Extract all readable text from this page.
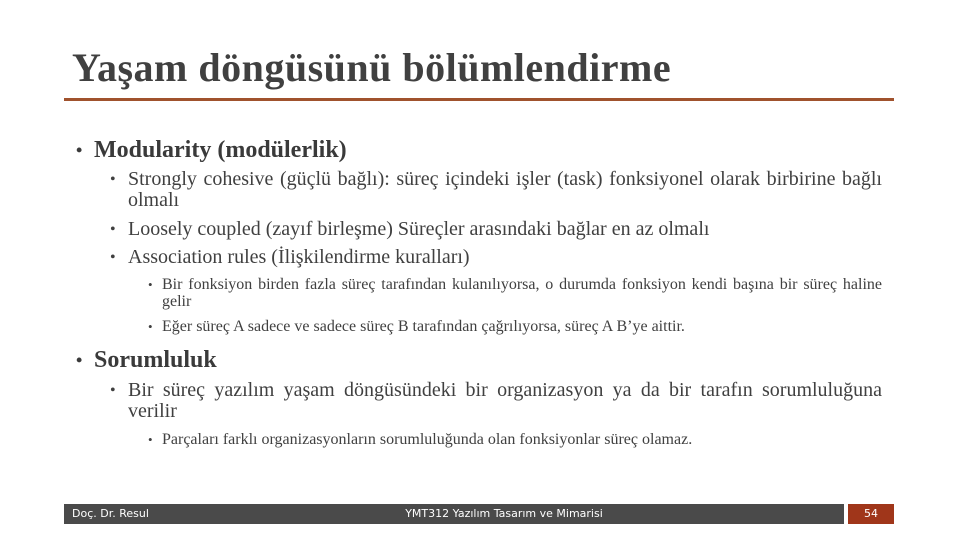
Yaşam döngüsünü bölümlendirme
• Modularity (modülerlik)
• Strongly cohesive (güçlü bağlı): süreç içindeki işler (task) fonksiyonel olarak birbirine bağlı olmalı
• Loosely coupled (zayıf birleşme) Süreçler arasındaki bağlar en az olmalı
• Association rules (İlişkilendirme kuralları)
• Bir fonksiyon birden fazla süreç tarafından kulanılıyorsa, o durumda fonksiyon kendi başına bir süreç haline gelir
• Eğer süreç A sadece ve sadece süreç B tarafından çağrılıyorsa, süreç A B’ye aittir.
• Sorumluluk
• Bir süreç yazılım yaşam döngüsündeki bir organizasyon ya da bir tarafın sorumluluğuna verilir
• Parçaları farklı organizasyonların sorumluluğunda olan fonksiyonlar süreç olamaz.
Doç. Dr. Resul DAŞ
YMT312 Yazılım Tasarım ve Mimarisi	54
